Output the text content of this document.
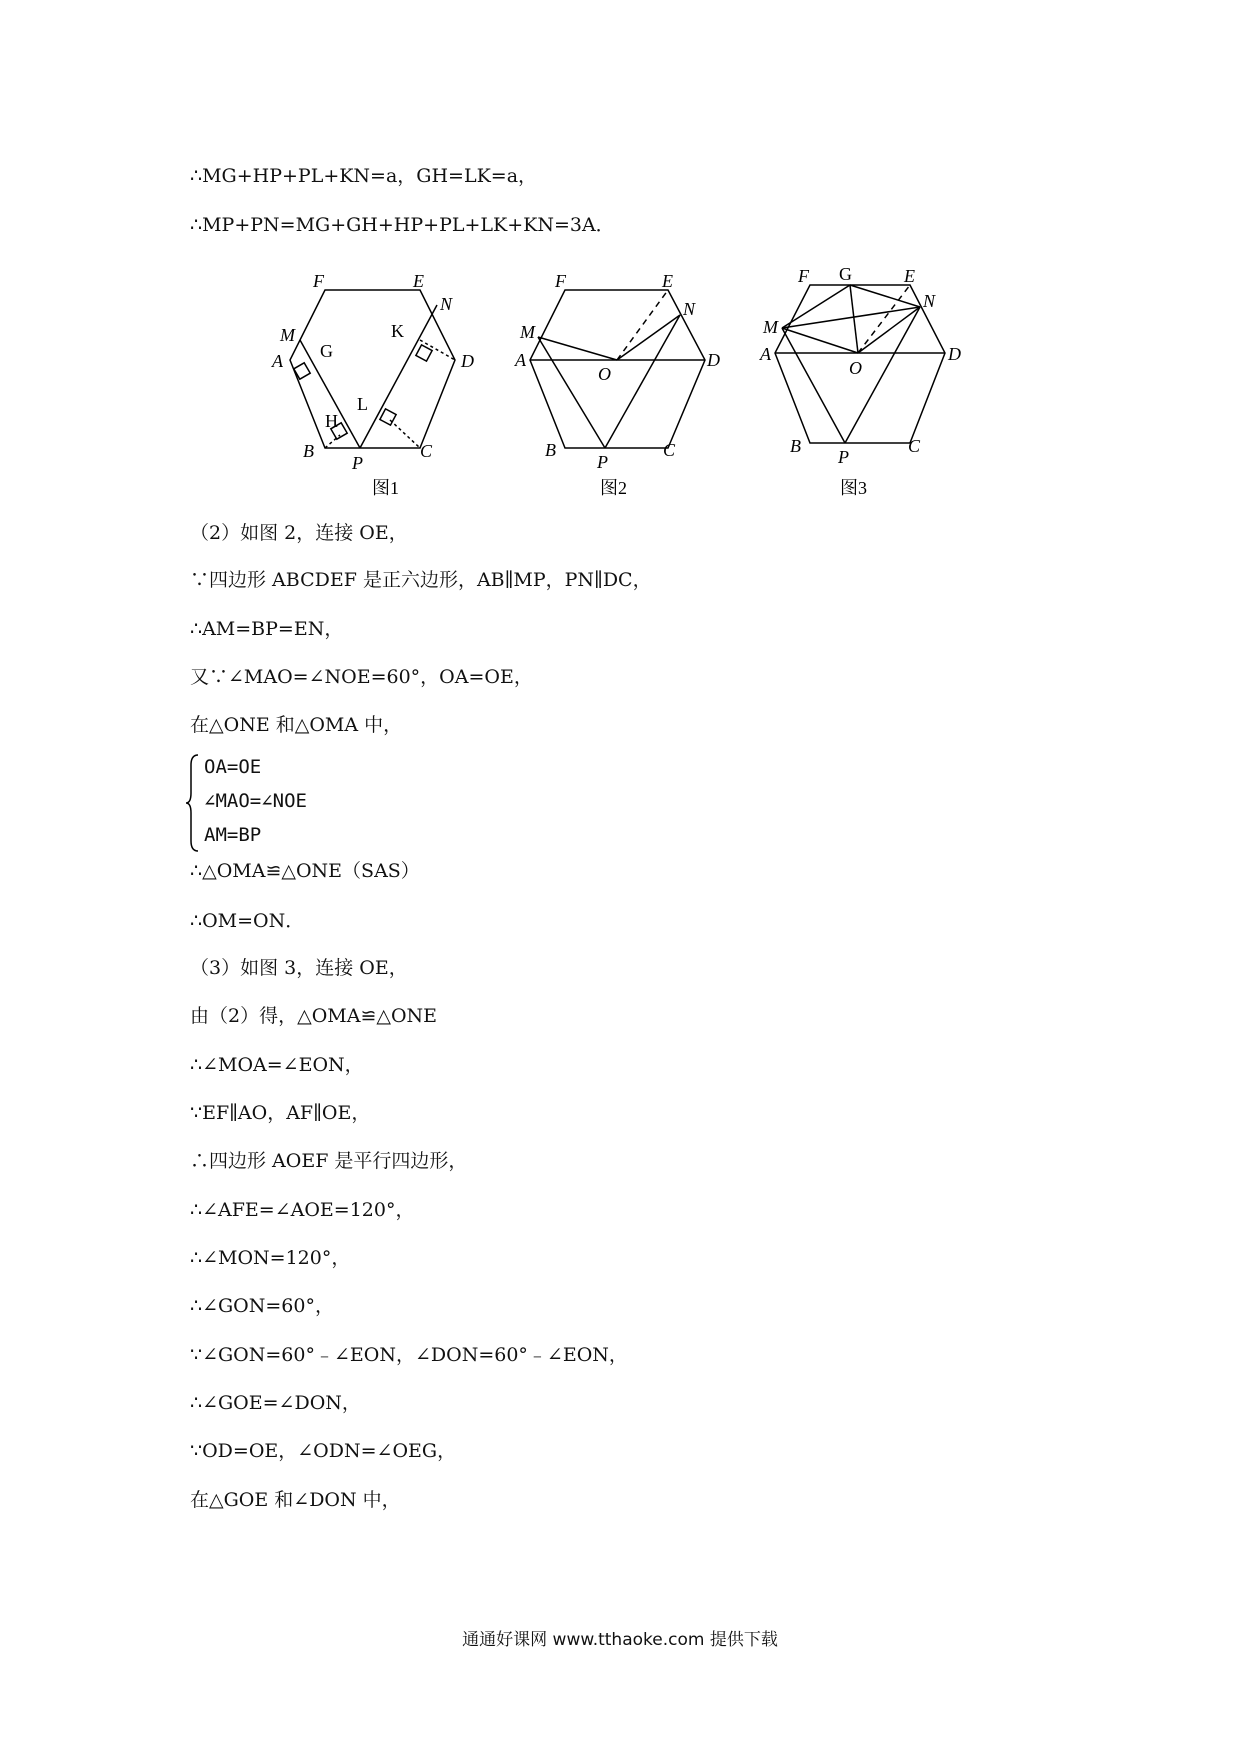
∴MG+HP+PL+KN=a，GH=LK=a，
∴MP+PN=MG+GH+HP+PL+LK+KN=3A．
F	E
N
M	K
A G	D
L
H
B
P
C
F	E
N
M
A
O
D
B
P
C
F G	E
N
M
A
O
D
B
P
C
图1	图2	图3
（2）如图 2，连接 OE，
∵四边形 ABCDEF 是正六边形，AB∥MP，PN∥DC，
∴AM=BP=EN，
又∵∠MAO=∠NOE=60°，OA=OE，
在△ONE 和△OMA 中，
OA=OE
∠MAO=∠NOE
AM=BP
∴△OMA≌△ONE（SAS）
∴OM=ON．
（3）如图 3，连接 OE，
由（2）得，△OMA≌△ONE
∴∠MOA=∠EON，
∵EF∥AO，AF∥OE，
∴四边形 AOEF 是平行四边形，
∴∠AFE=∠AOE=120°，
∴∠MON=120°，
∴∠GON=60°，
∵∠GON=60°﹣∠EON，∠DON=60°﹣∠EON，
∴∠GOE=∠DON，
∵OD=OE，∠ODN=∠OEG，
在△GOE 和∠DON 中，
通通好课网 www.tthaoke.com 提供下载
